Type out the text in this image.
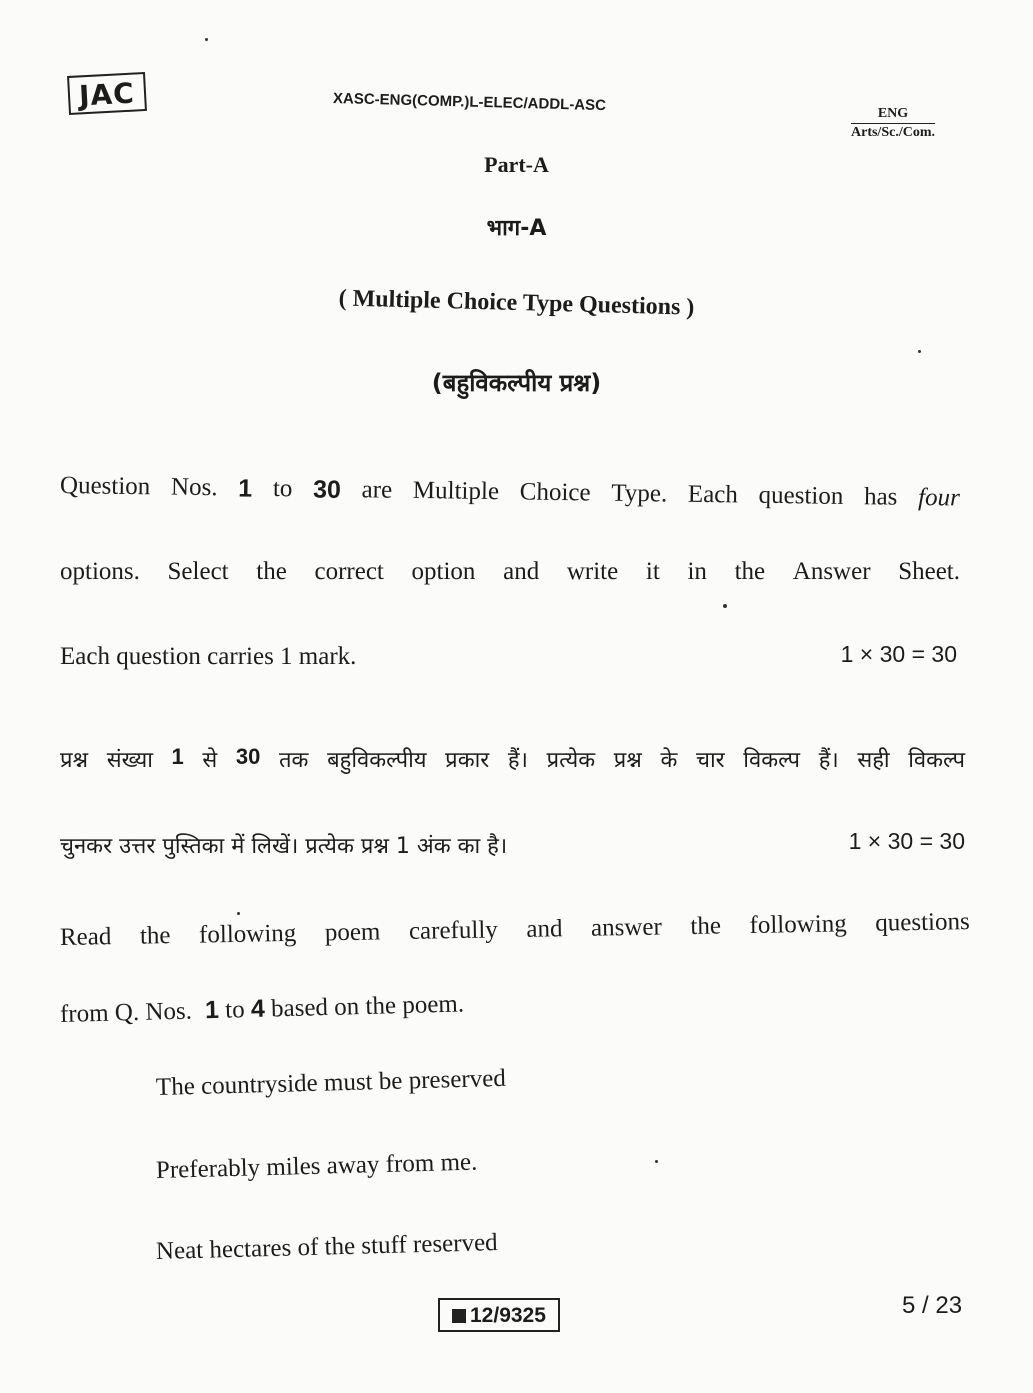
JAC	XASC-ENG(COMP.)L-ELEC/ADDL-ASC	ENG
Arts/Sc./Com.
Part-A
भाग-A
( Multiple Choice Type Questions )
(बहुविकल्पीय प्रश्न)
Question Nos. 1 to 30 are Multiple Choice Type. Each question has four
options. Select the correct option and write it in the Answer Sheet.
Each question carries 1 mark.	1 × 30 = 30
प्रश्न संख्या 1 से 30 तक बहुविकल्पीय प्रकार हैं। प्रत्येक प्रश्न के चार विकल्प हैं। सही विकल्प
चुनकर उत्तर पुस्तिका में लिखें। प्रत्येक प्रश्न 1 अंक का है।	1 × 30 = 30
Read the following poem carefully and answer the following questions
from Q. Nos. 1 to 4 based on the poem.
The countryside must be preserved
Preferably miles away from me.
Neat hectares of the stuff reserved
12/9325	5 / 23
